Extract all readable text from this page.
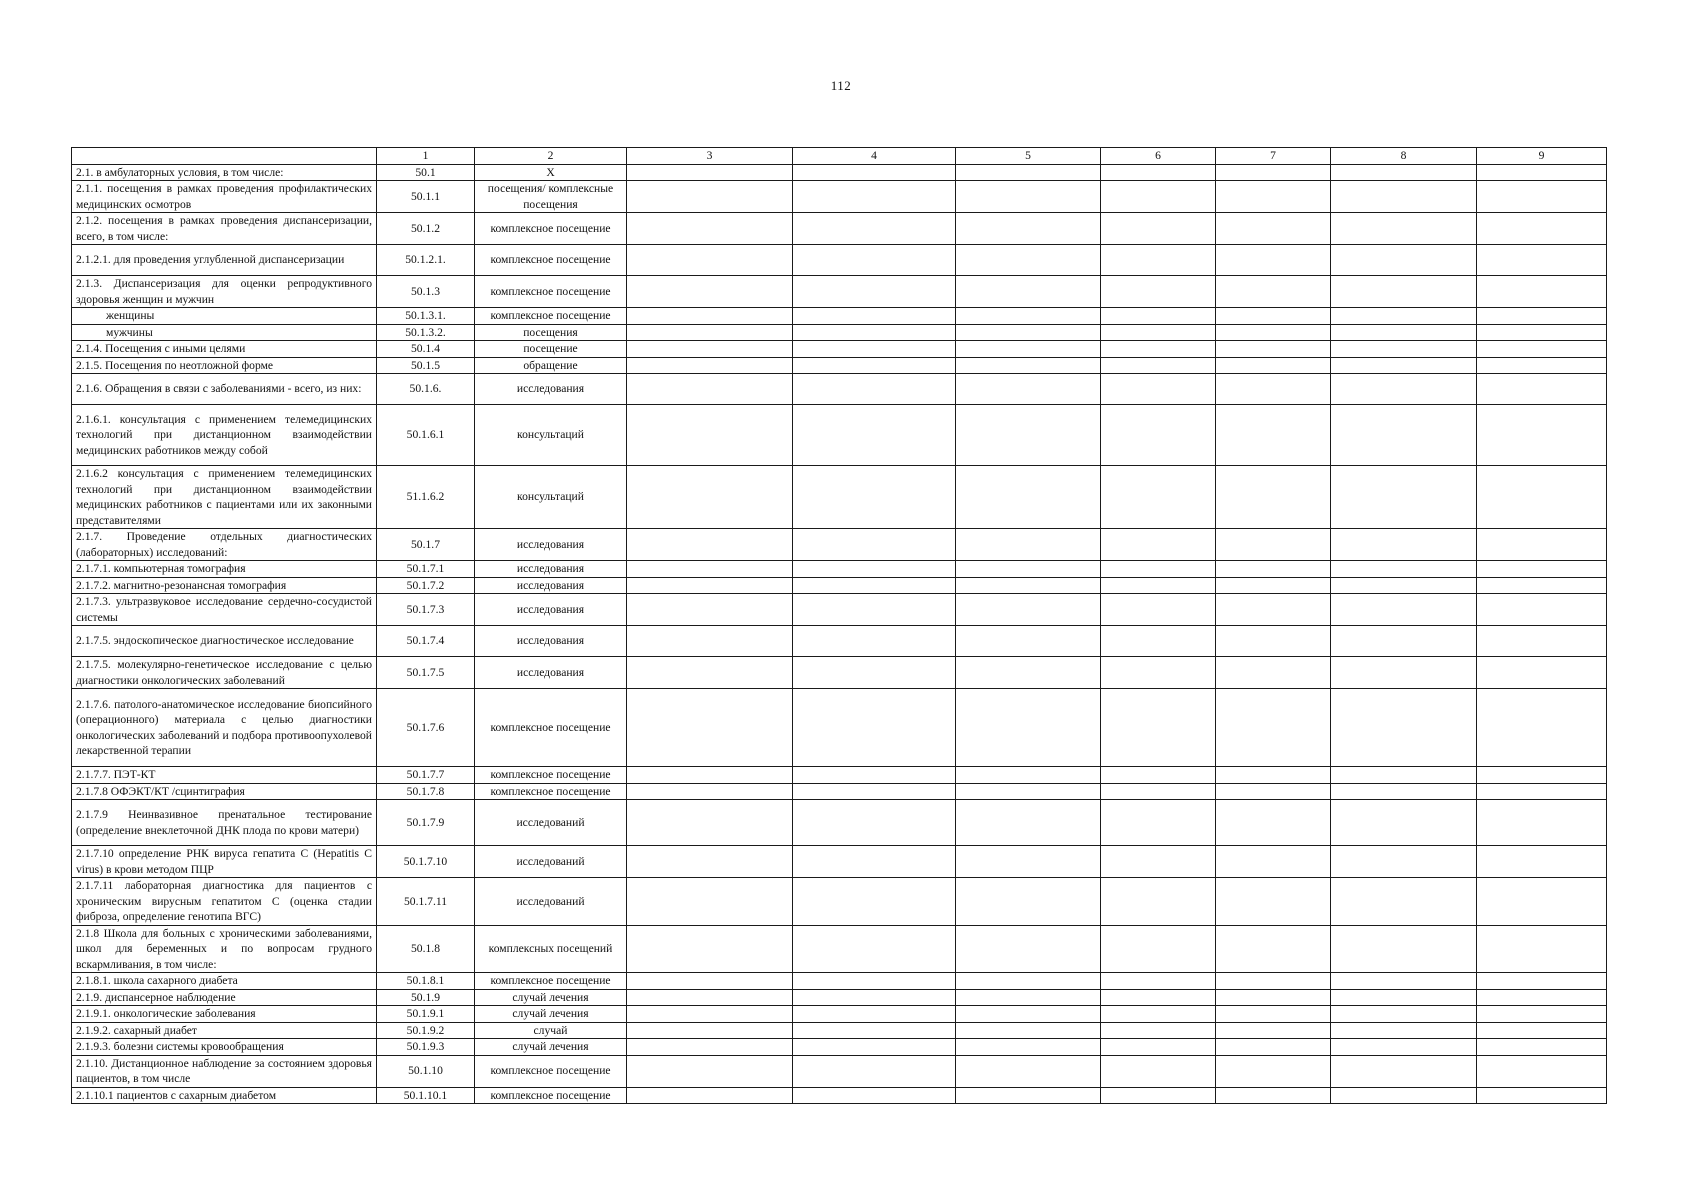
112
	1	2	3	4	5	6	7	8	9
2.1. в амбулаторных условия, в том числе:	50.1	X							
2.1.1. посещения в рамках проведения профилактических медицинских осмотров	50.1.1	посещения/ комплексные посещения							
2.1.2. посещения в рамках проведения диспансеризации, всего, в том числе:	50.1.2	комплексное посещение							
2.1.2.1. для проведения углубленной диспансеризации	50.1.2.1.	комплексное посещение							
2.1.3. Диспансеризация для оценки репродуктивного здоровья женщин и мужчин	50.1.3	комплексное посещение							
женщины	50.1.3.1.	комплексное посещение							
мужчины	50.1.3.2.	посещения							
2.1.4. Посещения с иными целями	50.1.4	посещение							
2.1.5. Посещения по неотложной форме	50.1.5	обращение							
2.1.6. Обращения в связи с заболеваниями - всего, из них:	50.1.6.	исследования							
2.1.6.1. консультация с применением телемедицинских технологий при дистанционном взаимодействии медицинских работников между собой	50.1.6.1	консультаций							
2.1.6.2 консультация с применением телемедицинских технологий при дистанционном взаимодействии медицинских работников с пациентами или их законными представителями	51.1.6.2	консультаций							
2.1.7. Проведение отдельных диагностических (лабораторных) исследований:	50.1.7	исследования							
2.1.7.1. компьютерная томография	50.1.7.1	исследования							
2.1.7.2. магнитно-резонансная томография	50.1.7.2	исследования							
2.1.7.3. ультразвуковое исследование сердечно-сосудистой системы	50.1.7.3	исследования							
2.1.7.5. эндоскопическое диагностическое исследование	50.1.7.4	исследования							
2.1.7.5. молекулярно-генетическое исследование с целью диагностики онкологических заболеваний	50.1.7.5	исследования							
2.1.7.6. патолого-анатомическое исследование биопсийного (операционного) материала с целью диагностики онкологических заболеваний и подбора противоопухолевой лекарственной терапии	50.1.7.6	комплексное посещение							
2.1.7.7. ПЭТ-КТ	50.1.7.7	комплексное посещение							
2.1.7.8 ОФЭКТ/КТ /сцинтиграфия	50.1.7.8	комплексное посещение							
2.1.7.9 Неинвазивное пренатальное тестирование (определение внеклеточной ДНК плода по крови матери)	50.1.7.9	исследований							
2.1.7.10 определение РНК вируса гепатита С (Hepatitis C virus) в крови методом ПЦР	50.1.7.10	исследований							
2.1.7.11 лабораторная диагностика для пациентов с хроническим вирусным гепатитом С (оценка стадии фиброза, определение генотипа ВГС)	50.1.7.11	исследований							
2.1.8 Школа для больных с хроническими заболеваниями, школ для беременных и по вопросам грудного вскармливания, в том числе:	50.1.8	комплексных посещений							
2.1.8.1. школа сахарного диабета	50.1.8.1	комплексное посещение							
2.1.9. диспансерное наблюдение	50.1.9	случай лечения							
2.1.9.1. онкологические заболевания	50.1.9.1	случай лечения							
2.1.9.2. сахарный диабет	50.1.9.2	случай							
2.1.9.3. болезни системы кровообращения	50.1.9.3	случай лечения							
2.1.10. Дистанционное наблюдение за состоянием здоровья пациентов, в том числе	50.1.10	комплексное посещение							
2.1.10.1 пациентов с сахарным диабетом	50.1.10.1	комплексное посещение							
